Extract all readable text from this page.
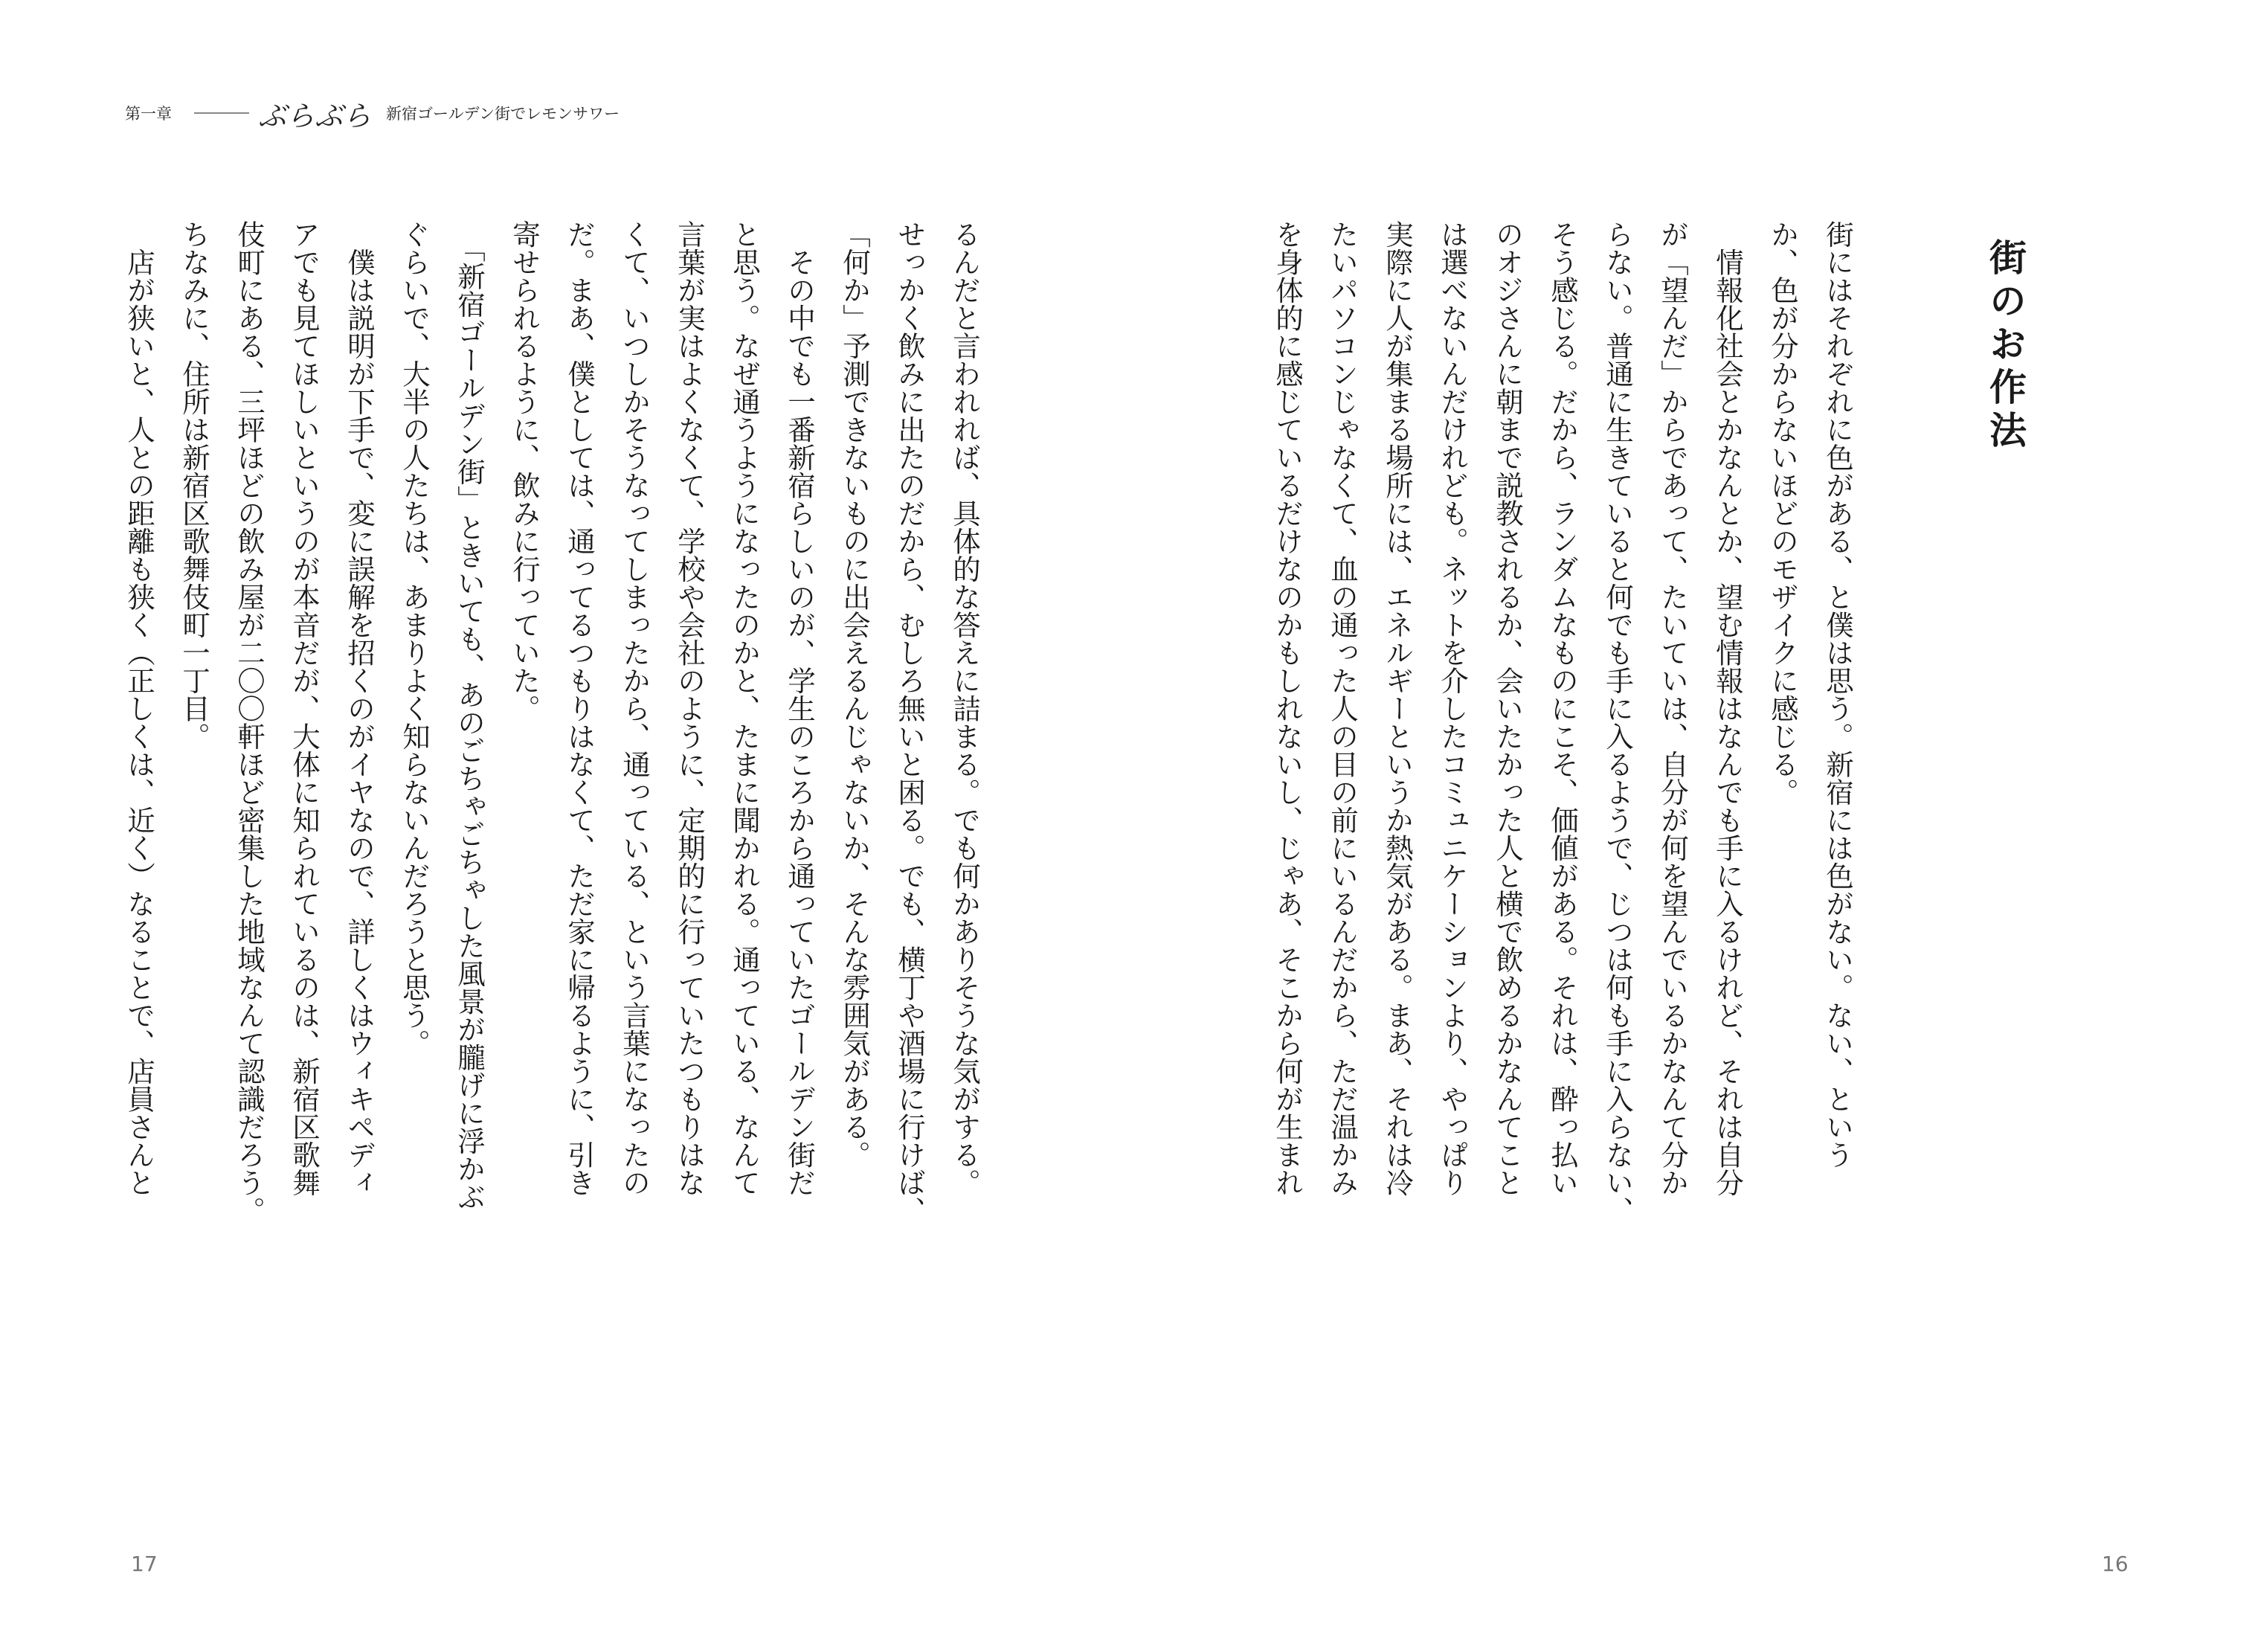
第一章	ぶらぶら 新宿ゴールデン街でレモンサワー
街のお作法
街にはそれぞれに色がある、と僕は思う。新宿には色がない。ない、という
か、色が分からないほどのモザイクに感じる。
　情報化社会とかなんとか、望む情報はなんでも手に入るけれど、それは自分
が「望んだ」からであって、たいていは、自分が何を望んでいるかなんて分か
らない。普通に生きていると何でも手に入るようで、じつは何も手に入らない、
そう感じる。だから、ランダムなものにこそ、価値がある。それは、酔っ払い
のオジさんに朝まで説教されるか、会いたかった人と横で飲めるかなんてこと
は選べないんだけれども。ネットを介したコミュニケーションより、やっぱり
実際に人が集まる場所には、エネルギーというか熱気がある。まあ、それは冷
たいパソコンじゃなくて、血の通った人の目の前にいるんだから、ただ温かみ
を身体的に感じているだけなのかもしれないし、じゃあ、そこから何が生まれ
るんだと言われれば、具体的な答えに詰まる。でも何かありそうな気がする。
せっかく飲みに出たのだから、むしろ無いと困る。でも、横丁や酒場に行けば、
「何か」予測できないものに出会えるんじゃないか、そんな雰囲気がある。
　その中でも一番新宿らしいのが、学生のころから通っていたゴールデン街だ
と思う。なぜ通うようになったのかと、たまに聞かれる。通っている、なんて
言葉が実はよくなくて、学校や会社のように、定期的に行っていたつもりはな
くて、いつしかそうなってしまったから、通っている、という言葉になったの
だ。まあ、僕としては、通ってるつもりはなくて、ただ家に帰るように、引き
寄せられるように、飲みに行っていた。
　「新宿ゴールデン街」ときいても、あのごちゃごちゃした風景が朧げに浮かぶ
ぐらいで、大半の人たちは、あまりよく知らないんだろうと思う。
　僕は説明が下手で、変に誤解を招くのがイヤなので、詳しくはウィキペディ
アでも見てほしいというのが本音だが、大体に知られているのは、新宿区歌舞
伎町にある、三坪ほどの飲み屋が二〇〇軒ほど密集した地域なんて認識だろう。
ちなみに、住所は新宿区歌舞伎町一丁目。
　店が狭いと、人との距離も狭く（正しくは、近く）なることで、店員さんと
17	16
